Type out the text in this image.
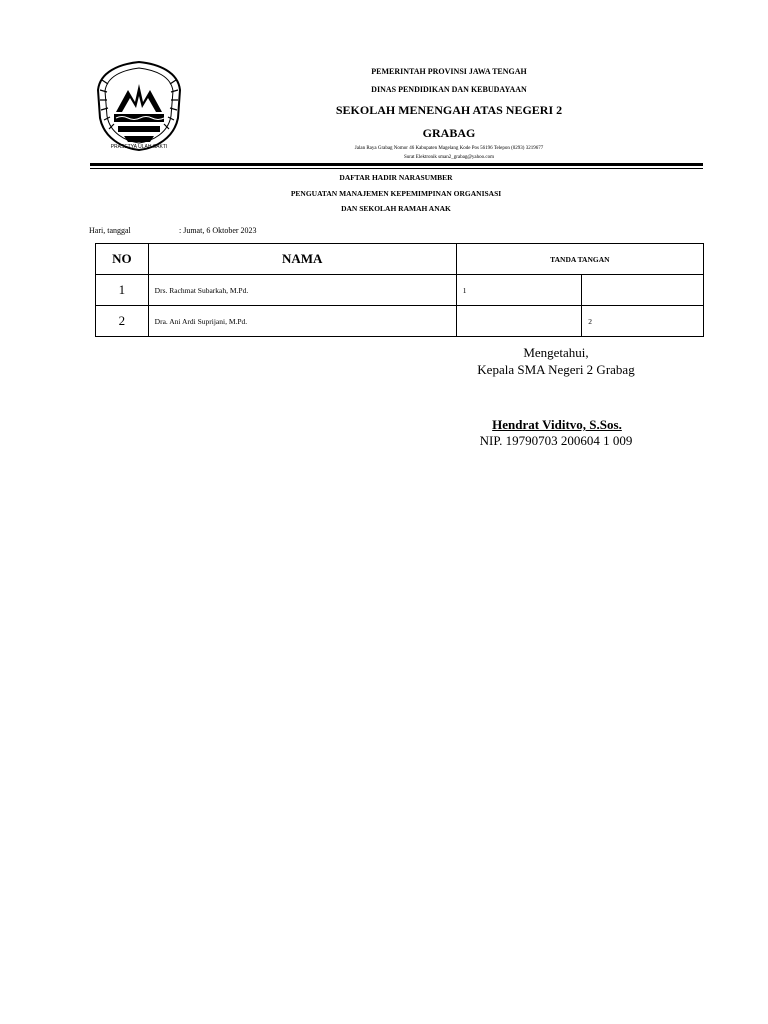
PRASETYA ULAH SAKTI
PEMERINTAH PROVINSI JAWA TENGAH
DINAS PENDIDIKAN DAN KEBUDAYAAN
SEKOLAH MENENGAH ATAS NEGERI 2
GRABAG
Jalan Raya Grabag Nomor 46 Kabupaten Magelang Kode Pos 56196 Telepon (0293) 3219677
Surat Elektronik sman2_grabag@yahoo.com
DAFTAR HADIR NARASUMBER
PENGUATAN MANAJEMEN KEPEMIMPINAN ORGANISASI
DAN SEKOLAH RAMAH ANAK
Hari, tanggal	: Jumat, 6 Oktober 2023
NO	NAMA	TANDA TANGAN	
1	Drs. Rachmat Subarkah, M.Pd.	1	
2	Dra. Ani Ardi Suprijani, M.Pd.		2
Mengetahui,
Kepala SMA Negeri 2 Grabag
Hendrat Viditvo, S.Sos.
NIP. 19790703 200604 1 009
